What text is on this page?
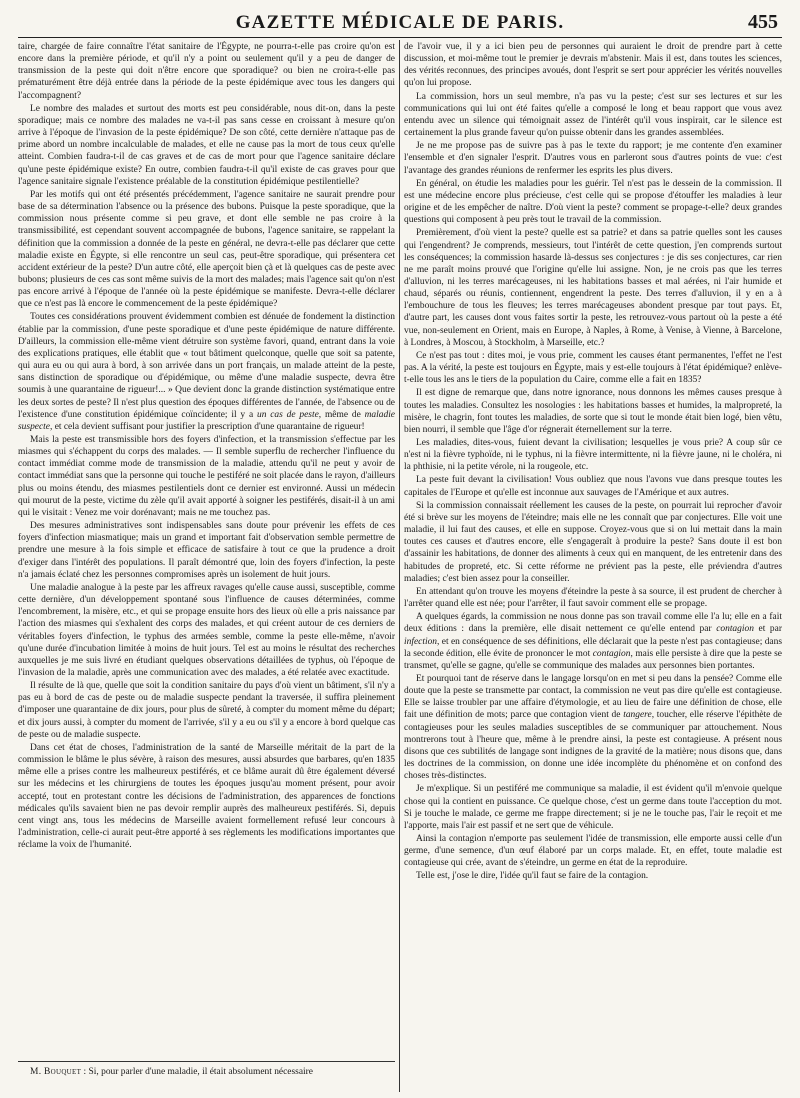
GAZETTE MÉDICALE DE PARIS.	455

taire, chargée de faire connaître l'état sanitaire de l'Égypte, ne pourra-t-elle pas croire qu'on est encore dans la première période, et qu'il n'y a point ou seulement qu'il y a peu de danger de transmission de la peste qui doit n'être encore que sporadique? ou bien ne croira-t-elle pas prématurément être déjà entrée dans la période de la peste épidémique avec tous les dangers qui l'accompagnent?

Le nombre des malades et surtout des morts est peu considérable, nous dit-on, dans la peste sporadique; mais ce nombre des malades ne va-t-il pas sans cesse en croissant à mesure qu'on arrive à l'époque de l'invasion de la peste épidémique? De son côté, cette dernière n'attaque pas de prime abord un nombre incalculable de malades, et elle ne cause pas la mort de tous ceux qu'elle atteint. Combien faudra-t-il de cas graves et de cas de mort pour que l'agence sanitaire déclare qu'une peste épidémique existe? En outre, combien faudra-t-il qu'il existe de cas graves pour que l'agence sanitaire signale l'existence préalable de la constitution épidémique pestilentielle?

Par les motifs qui ont été présentés précédemment, l'agence sanitaire ne saurait prendre pour base de sa détermination l'absence ou la présence des bubons. Puisque la peste sporadique, que la commission nous présente comme si peu grave, et dont elle semble ne pas croire à la transmissibilité, est cependant souvent accompagnée de bubons, l'agence sanitaire, se rappelant la définition que la commission a donnée de la peste en général, ne devra-t-elle pas déclarer que cette maladie existe en Égypte, si elle rencontre un seul cas, peut-être sporadique, qui présentera cet accident extérieur de la peste? D'un autre côté, elle aperçoit bien çà et là quelques cas de peste avec bubons; plusieurs de ces cas sont même suivis de la mort des malades; mais l'agence sait qu'on n'est pas encore arrivé à l'époque de l'année où la peste épidémique se manifeste. Devra-t-elle déclarer que ce n'est pas là encore le commencement de la peste épidémique?

Toutes ces considérations prouvent évidemment combien est dénuée de fondement la distinction établie par la commission, d'une peste sporadique et d'une peste épidémique de nature différente. D'ailleurs, la commission elle-même vient détruire son système favori, quand, entrant dans la voie des explications pratiques, elle établit que « tout bâtiment quelconque, quelle que soit sa patente, qui aura eu ou qui aura à bord, à son arrivée dans un port français, un malade atteint de la peste, sans distinction de sporadique ou d'épidémique, ou même d'une maladie suspecte, devra être soumis à une quarantaine de rigueur!... » Que devient donc la grande distinction systématique entre les deux sortes de peste? Il n'est plus question des époques différentes de l'année, de l'absence ou de l'existence d'une constitution épidémique coïncidente; il y a un cas de peste, même de maladie suspecte, et cela devient suffisant pour justifier la prescription d'une quarantaine de rigueur!

Mais la peste est transmissible hors des foyers d'infection, et la transmission s'effectue par les miasmes qui s'échappent du corps des malades. — Il semble superflu de rechercher l'influence du contact immédiat comme mode de transmission de la maladie, attendu qu'il ne peut y avoir de contact immédiat sans que la personne qui touche le pestiféré ne soit placée dans le rayon, d'ailleurs plus ou moins étendu, des miasmes pestilentiels dont ce dernier est environné. Aussi un médecin qui mourut de la peste, victime du zèle qu'il avait apporté à soigner les pestiférés, disait-il à un ami qui le visitait : Venez me voir dorénavant; mais ne me touchez pas.

Des mesures administratives sont indispensables sans doute pour prévenir les effets de ces foyers d'infection miasmatique; mais un grand et important fait d'observation semble permettre de prendre une mesure à la fois simple et efficace de satisfaire à tout ce que la prudence a droit d'exiger dans l'intérêt des populations. Il paraît démontré que, loin des foyers d'infection, la peste n'a jamais éclaté chez les personnes compromises après un isolement de huit jours.

Une maladie analogue à la peste par les affreux ravages qu'elle cause aussi, susceptible, comme cette dernière, d'un développement spontané sous l'influence de causes déterminées, comme l'encombrement, la misère, etc., et qui se propage ensuite hors des lieux où elle a pris naissance par l'action des miasmes qui s'exhalent des corps des malades, et qui créent autour de ces derniers de véritables foyers d'infection, le typhus des armées semble, comme la peste elle-même, n'avoir qu'une durée d'incubation limitée à moins de huit jours. Tel est au moins le résultat des recherches auxquelles je me suis livré en étudiant quelques observations détaillées de typhus, où l'époque de l'invasion de la maladie, après une communication avec des malades, a été relatée avec exactitude.

Il résulte de là que, quelle que soit la condition sanitaire du pays d'où vient un bâtiment, s'il n'y a pas eu à bord de cas de peste ou de maladie suspecte pendant la traversée, il suffira pleinement d'imposer une quarantaine de dix jours, pour plus de sûreté, à compter du moment même du départ; et dix jours aussi, à compter du moment de l'arrivée, s'il y a eu ou s'il y a encore à bord quelque cas de peste ou de maladie suspecte.

Dans cet état de choses, l'administration de la santé de Marseille méritait de la part de la commission le blâme le plus sévère, à raison des mesures, aussi absurdes que barbares, qu'en 1835 même elle a prises contre les malheureux pestiférés, et ce blâme aurait dû être également déversé sur les médecins et les chirurgiens de toutes les époques jusqu'au moment présent, pour avoir accepté, tout en protestant contre les décisions de l'administration, des apparences de fonctions médicales qu'ils savaient bien ne pas devoir remplir auprès des malheureux pestiférés. Si, depuis cent vingt ans, tous les médecins de Marseille avaient formellement refusé leur concours à l'administration, celle-ci aurait peut-être apporté à ses règlements les modifications importantes que réclame la voix de l'humanité.

M. Bouquet : Si, pour parler d'une maladie, il était absolument nécessaire

de l'avoir vue, il y a ici bien peu de personnes qui auraient le droit de prendre part à cette discussion, et moi-même tout le premier je devrais m'abstenir. Mais il est, dans toutes les sciences, des vérités reconnues, des principes avoués, dont l'esprit se sert pour apprécier les vérités nouvelles qu'on lui propose.

La commission, hors un seul membre, n'a pas vu la peste; c'est sur ses lectures et sur les communications qui lui ont été faites qu'elle a composé le long et beau rapport que vous avez entendu avec un silence qui témoignait assez de l'intérêt qu'il vous inspirait, car le silence est certainement la plus grande faveur qu'on puisse obtenir dans les grandes assemblées.

Je ne me propose pas de suivre pas à pas le texte du rapport; je me contente d'en examiner l'ensemble et d'en signaler l'esprit. D'autres vous en parleront sous d'autres points de vue: c'est l'avantage des grandes réunions de renfermer les esprits les plus divers.

En général, on étudie les maladies pour les guérir. Tel n'est pas le dessein de la commission. Il est une médecine encore plus précieuse, c'est celle qui se propose d'étouffer les maladies à leur origine et de les empêcher de naître. D'où vient la peste? comment se propage-t-elle? deux grandes questions qui composent à peu près tout le travail de la commission.

Premièrement, d'où vient la peste? quelle est sa patrie? et dans sa patrie quelles sont les causes qui l'engendrent? Je comprends, messieurs, tout l'intérêt de cette question, j'en comprends surtout les conséquences; la commission hasarde là-dessus ses conjectures : je dis ses conjectures, car rien ne me paraît moins prouvé que l'origine qu'elle lui assigne. Non, je ne crois pas que les terres d'alluvion, ni les terres marécageuses, ni les habitations basses et mal aérées, ni l'air humide et chaud, séparés ou réunis, contiennent, engendrent la peste. Des terres d'alluvion, il y en a à l'embouchure de tous les fleuves; les terres marécageuses abondent presque par tout pays. Et, d'autre part, les causes dont vous faites sortir la peste, les retrouvez-vous partout où la peste a été vue, non-seulement en Orient, mais en Europe, à Naples, à Rome, à Venise, à Vienne, à Barcelone, à Londres, à Moscou, à Stockholm, à Marseille, etc.?

Ce n'est pas tout : dites moi, je vous prie, comment les causes étant permanentes, l'effet ne l'est pas. A la vérité, la peste est toujours en Égypte, mais y est-elle toujours à l'état épidémique? enlève-t-elle tous les ans le tiers de la population du Caire, comme elle a fait en 1835?

Il est digne de remarque que, dans notre ignorance, nous donnons les mêmes causes presque à toutes les maladies. Consultez les nosologies : les habitations basses et humides, la malpropreté, la misère, le chagrin, font toutes les maladies, de sorte que si tout le monde était bien logé, bien vêtu, bien nourri, il semble que l'âge d'or régnerait éternellement sur la terre.

Les maladies, dites-vous, fuient devant la civilisation; lesquelles je vous prie? A coup sûr ce n'est ni la fièvre typhoïde, ni le typhus, ni la fièvre intermittente, ni la fièvre jaune, ni le choléra, ni la phthisie, ni la petite vérole, ni la rougeole, etc.

La peste fuit devant la civilisation! Vous oubliez que nous l'avons vue dans presque toutes les capitales de l'Europe et qu'elle est inconnue aux sauvages de l'Amérique et aux autres.

Si la commission connaissait réellement les causes de la peste, on pourrait lui reprocher d'avoir été si brève sur les moyens de l'éteindre; mais elle ne les connaît que par conjectures. Elle voit une maladie, il lui faut des causes, et elle en suppose. Croyez-vous que si on lui mettait dans la main toutes ces causes et d'autres encore, elle s'engageraît à produire la peste? Sans doute il est bon d'assainir les habitations, de donner des aliments à ceux qui en manquent, de les entretenir dans des habitudes de propreté, etc. Si cette réforme ne prévient pas la peste, elle préviendra d'autres maladies; c'est bien assez pour la conseiller.

En attendant qu'on trouve les moyens d'éteindre la peste à sa source, il est prudent de chercher à l'arrêter quand elle est née; pour l'arrêter, il faut savoir comment elle se propage.

A quelques égards, la commission ne nous donne pas son travail comme elle l'a lu; elle en a fait deux éditions : dans la première, elle disait nettement ce qu'elle entend par contagion et par infection, et en conséquence de ses définitions, elle déclarait que la peste n'est pas contagieuse; dans la seconde édition, elle évite de prononcer le mot contagion, mais elle persiste à dire que la peste se transmet, qu'elle se gagne, qu'elle se communique des malades aux personnes bien portantes.

Et pourquoi tant de réserve dans le langage lorsqu'on en met si peu dans la pensée? Comme elle doute que la peste se transmette par contact, la commission ne veut pas dire qu'elle est contagieuse. Elle se laisse troubler par une affaire d'étymologie, et au lieu de faire une définition de chose, elle fait une définition de mots; parce que contagion vient de tangere, toucher, elle réserve l'épithète de contagieuses pour les seules maladies susceptibles de se communiquer par attouchement. Nous montrerons tout à l'heure que, même à le prendre ainsi, la peste est contagieuse. A présent nous disons que ces subtilités de langage sont indignes de la gravité de la matière; nous disons que, dans les doctrines de la commission, on donne une idée incomplète du phénomène et on confond des choses très-distinctes.

Je m'explique. Si un pestiféré me communique sa maladie, il est évident qu'il m'envoie quelque chose qui la contient en puissance. Ce quelque chose, c'est un germe dans toute l'acception du mot. Si je touche le malade, ce germe me frappe directement; si je ne le touche pas, l'air le reçoit et me l'apporte, mais l'air est passif et ne sert que de véhicule.

Ainsi la contagion n'emporte pas seulement l'idée de transmission, elle emporte aussi celle d'un germe, d'une semence, d'un œuf élaboré par un corps malade. Et, en effet, toute maladie est contagieuse qui crée, avant de s'éteindre, un germe en état de la reproduire.

Telle est, j'ose le dire, l'idée qu'il faut se faire de la contagion.
